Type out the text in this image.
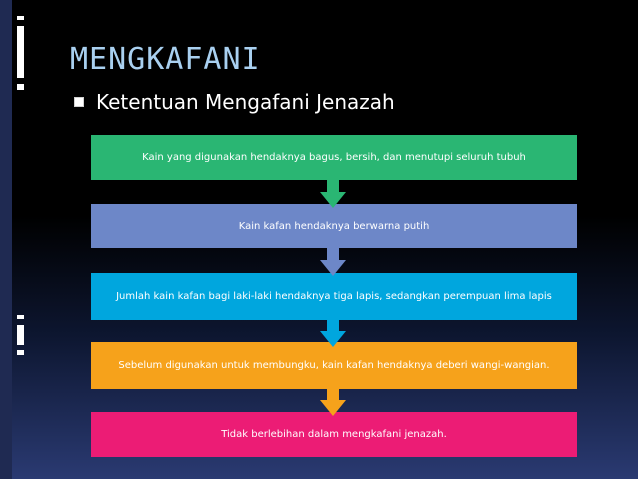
MENGKAFANI
Ketentuan Mengafani Jenazah
Kain yang digunakan hendaknya bagus, bersih, dan menutupi seluruh tubuh
Kain kafan hendaknya berwarna putih
Jumlah kain kafan bagi laki-laki hendaknya tiga lapis, sedangkan perempuan lima lapis
Sebelum digunakan untuk membungku, kain kafan hendaknya deberi wangi-wangian.
Tidak berlebihan dalam mengkafani jenazah.
